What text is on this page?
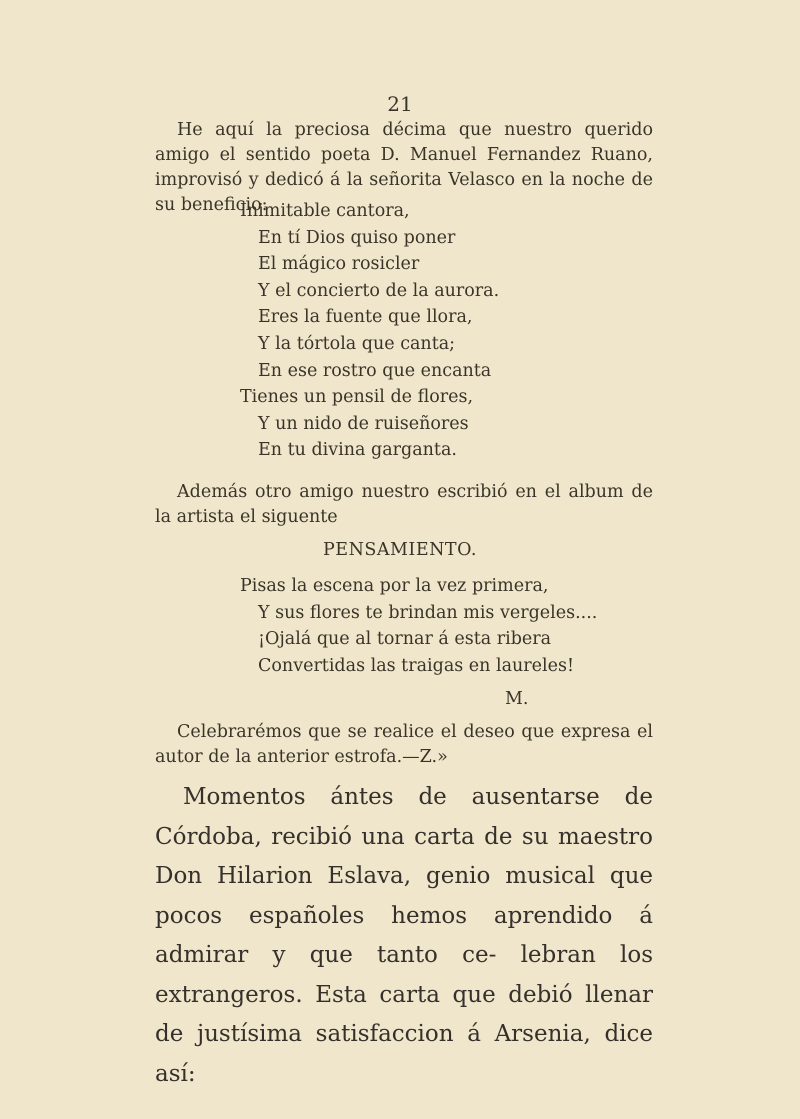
21

He aquí la preciosa décima que nuestro querido amigo el sentido poeta D. Manuel Fernandez Ruano, improvisó y dedicó á la señorita Velasco en la noche de su beneficio:

Inimitable cantora,
En tí Dios quiso poner
El mágico rosicler
Y el concierto de la aurora.
Eres la fuente que llora,
Y la tórtola que canta;
En ese rostro que encanta
Tienes un pensil de flores,
Y un nido de ruiseñores
En tu divina garganta.

Además otro amigo nuestro escribió en el album de la artista el siguente

PENSAMIENTO.
Pisas la escena por la vez primera,
Y sus flores te brindan mis vergeles....
¡Ojalá que al tornar á esta ribera
Convertidas las traigas en laureles!
M.

Celebrarémos que se realice el deseo que expresa el autor de la anterior estrofa.—Z.»

Momentos ántes de ausentarse de Córdoba, recibió una carta de su maestro Don Hilarion Eslava, genio musical que pocos españoles hemos aprendido á admirar y que tanto ce- lebran los extrangeros. Esta carta que debió llenar de justísima satisfaccion á Arsenia, dice así:
